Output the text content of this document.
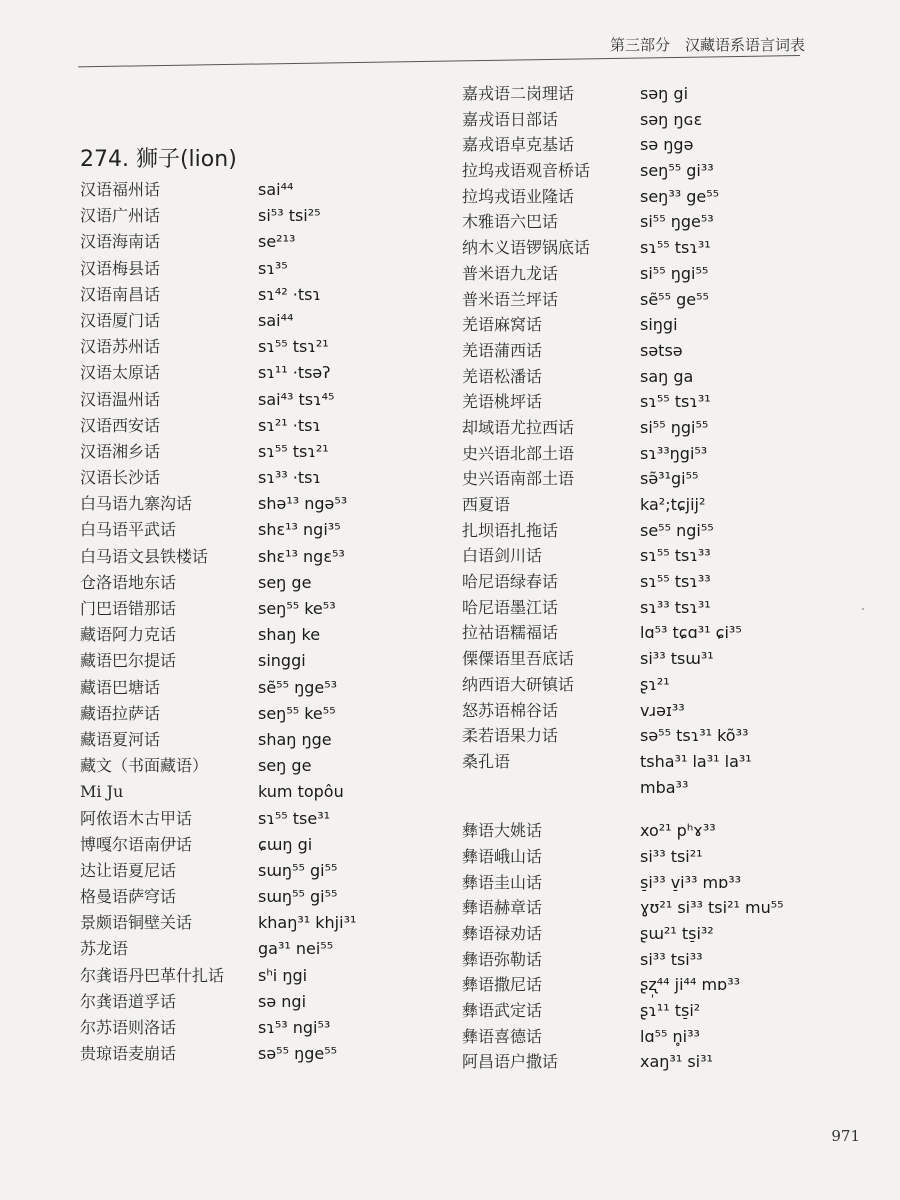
第三部分　汉藏语系语言词表
274. 狮子(lion)
汉语福州话	sai⁴⁴
汉语广州话	si⁵³ tsi²⁵
汉语海南话	se²¹³
汉语梅县话	sɿ³⁵
汉语南昌话	sɿ⁴² ·tsɿ
汉语厦门话	sai⁴⁴
汉语苏州话	sɿ⁵⁵ tsɿ²¹
汉语太原话	sɿ¹¹ ·tsəʔ
汉语温州话	sai⁴³ tsɿ⁴⁵
汉语西安话	sɿ²¹ ·tsɿ
汉语湘乡话	sɿ⁵⁵ tsɿ²¹
汉语长沙话	sɿ³³ ·tsɿ
白马语九寨沟话	shə¹³ ngə⁵³
白马语平武话	shɛ¹³ ngi³⁵
白马语文县铁楼话	shɛ¹³ ngɛ⁵³
仓洛语地东话	seŋ ge
门巴语错那话	seŋ⁵⁵ ke⁵³
藏语阿力克话	shaŋ ke
藏语巴尔提话	singgi
藏语巴塘话	sẽ⁵⁵ ŋge⁵³
藏语拉萨话	seŋ⁵⁵ ke⁵⁵
藏语夏河话	shaŋ ŋge
藏文（书面藏语）	seŋ ge
Mi Ju	kum topôu
阿侬语木古甲话	sɿ⁵⁵ tse³¹
博嘎尔语南伊话	ɕɯŋ gi
达让语夏尼话	sɯŋ⁵⁵ gi⁵⁵
格曼语萨穹话	sɯŋ⁵⁵ gi⁵⁵
景颇语铜壁关话	khaŋ³¹ khji³¹
苏龙语	ga³¹ nei⁵⁵
尔龚语丹巴革什扎话	sʰi ŋgi
尔龚语道孚话	sə ngi
尔苏语则洛话	sɿ⁵³ ngi⁵³
贵琼语麦崩话	sə⁵⁵ ŋge⁵⁵
嘉戎语二岗理话	səŋ gi
嘉戎语日部话	səŋ ŋɢɛ
嘉戎语卓克基话	sə ŋgə
拉坞戎语观音桥话	seŋ⁵⁵ gi³³
拉坞戎语业隆话	seŋ³³ ge⁵⁵
木雅语六巴话	si⁵⁵ ŋge⁵³
纳木义语锣锅底话	sɿ⁵⁵ tsɿ³¹
普米语九龙话	si⁵⁵ ŋgi⁵⁵
普米语兰坪话	sẽ⁵⁵ ge⁵⁵
羌语麻窝话	siŋgi
羌语蒲西话	sətsə
羌语松潘话	saŋ ga
羌语桃坪话	sɿ⁵⁵ tsɿ³¹
却域语尤拉西话	si⁵⁵ ŋgi⁵⁵
史兴语北部土语	sɿ³³ŋgi⁵³
史兴语南部土语	sə̃³¹gi⁵⁵
西夏语	ka²;tɕjij²
扎坝语扎拖话	se⁵⁵ ngi⁵⁵
白语剑川话	sɿ⁵⁵ tsɿ³³
哈尼语绿春话	sɿ⁵⁵ tsɿ³³
哈尼语墨江话	sɿ³³ tsɿ³¹
拉祜语糯福话	lɑ⁵³ tɕɑ³¹ ɕi³⁵
傈僳语里吾底话	si³³ tsɯ³¹
纳西语大研镇话	ʂɿ²¹
怒苏语棉谷话	vɹəɪ³³
柔若语果力话	sə⁵⁵ tsɿ³¹ kõ³³
桑孔语	tsha³¹ la³¹ la³¹
mba³³
彝语大姚话	xo²¹ pʰɤ³³
彝语峨山话	si³³ tsi²¹
彝语圭山话	s̠i³³ v̠i³³ mɒ³³
彝语赫章话	ɣʊ²¹ si³³ tsi²¹ mu⁵⁵
彝语禄劝话	ʂɯ²¹ ts̠i³²
彝语弥勒话	si³³ tsi³³
彝语撒尼话	ʂʐ̩⁴⁴ ji⁴⁴ mɒ³³
彝语武定话	ʂɿ¹¹ ts̠i²
彝语喜德话	lɑ⁵⁵ n̥i³³
阿昌语户撒话	xaŋ³¹ si³¹
971
